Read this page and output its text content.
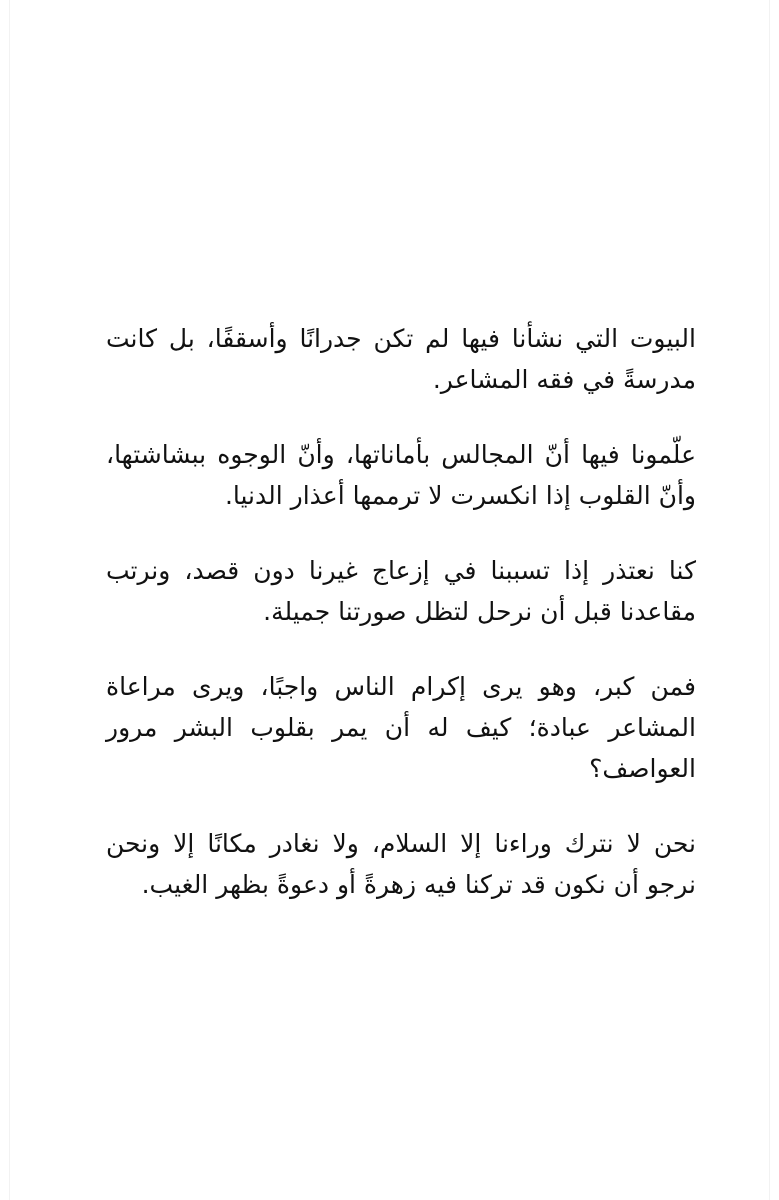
البيوت التي نشأنا فيها لم تكن جدرانًا وأسقفًا، بل كانت مدرسةً في فقه المشاعر.

علّمونا فيها أنّ المجالس بأماناتها، وأنّ الوجوه ببشاشتها، وأنّ القلوب إذا انكسرت لا ترممها أعذار الدنيا.

كنا نعتذر إذا تسببنا في إزعاج غيرنا دون قصد، ونرتب مقاعدنا قبل أن نرحل لتظل صورتنا جميلة.

فمن كبر، وهو يرى إكرام الناس واجبًا، ويرى مراعاة المشاعر عبادة؛ كيف له أن يمر بقلوب البشر مرور العواصف؟

نحن لا نترك وراءنا إلا السلام، ولا نغادر مكانًا إلا ونحن نرجو أن نكون قد تركنا فيه زهرةً أو دعوةً بظهر الغيب.
